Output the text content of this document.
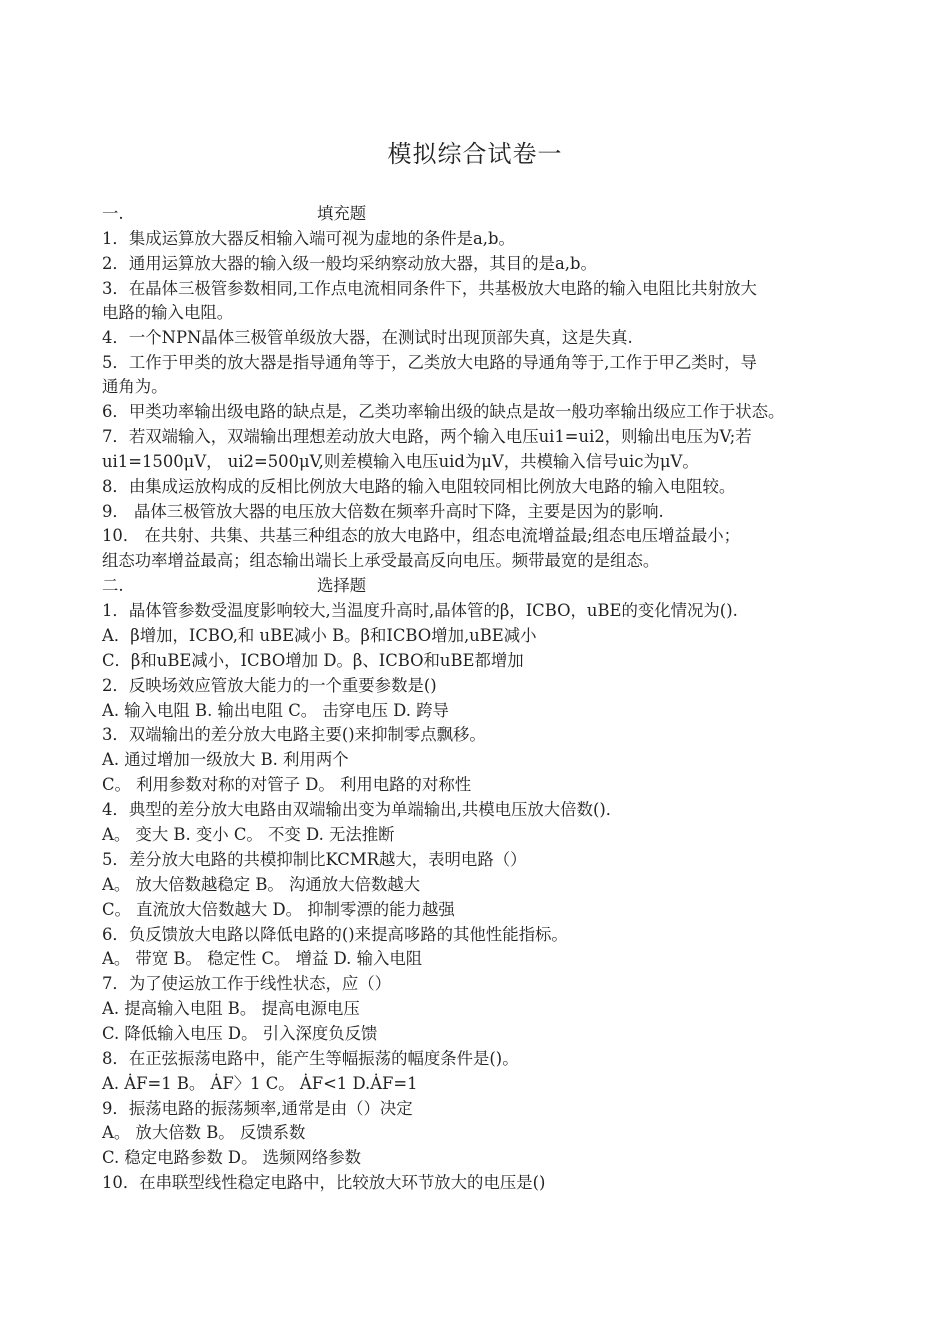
模拟综合试卷一
一.	填充题
1．集成运算放大器反相输入端可视为虚地的条件是a,b。
2．通用运算放大器的输入级一般均采纳察动放大器，其目的是a,b。
3．在晶体三极管参数相同,工作点电流相同条件下，共基极放大电路的输入电阻比共射放大
电路的输入电阻。
4．一个NPN晶体三极管单级放大器，在测试时出现顶部失真，这是失真.
5．工作于甲类的放大器是指导通角等于，乙类放大电路的导通角等于,工作于甲乙类时，导
通角为。
6．甲类功率输出级电路的缺点是，乙类功率输出级的缺点是故一般功率输出级应工作于状态。
7．若双端输入，双端输出理想差动放大电路，两个输入电压ui1=ui2，则输出电压为V;若
ui1=1500μV， ui2=500μV,则差模输入电压uid为μV，共模输入信号uic为μV。
8．由集成运放构成的反相比例放大电路的输入电阻较同相比例放大电路的输入电阻较。
9． 晶体三极管放大器的电压放大倍数在频率升高时下降，主要是因为的影响.
10． 在共射、共集、共基三种组态的放大电路中，组态电流增益最;组态电压增益最小；
组态功率增益最高；组态输出端长上承受最高反向电压。频带最宽的是组态。
二.	选择题
1．晶体管参数受温度影响较大,当温度升高时,晶体管的β，ICBO，uBE的变化情况为().
A．β增加，ICBO,和 uBE减小 B。β和ICBO增加,uBE减小
C．β和uBE减小，ICBO增加 D。β、ICBO和uBE都增加
2．反映场效应管放大能力的一个重要参数是()
A. 输入电阻 B. 输出电阻 C。 击穿电压 D. 跨导
3．双端输出的差分放大电路主要()来抑制零点飘移。
A. 通过增加一级放大 B. 利用两个
C。 利用参数对称的对管子 D。 利用电路的对称性
4．典型的差分放大电路由双端输出变为单端输出,共模电压放大倍数()．
A。 变大 B. 变小 C。 不变 D. 无法推断
5．差分放大电路的共模抑制比KCMR越大，表明电路（）
A。 放大倍数越稳定 B。 沟通放大倍数越大
C。 直流放大倍数越大 D。 抑制零漂的能力越强
6．负反馈放大电路以降低电路的()来提高哆路的其他性能指标。
A。 带宽 B。 稳定性 C。 增益 D. 输入电阻
7．为了使运放工作于线性状态，应（）
A. 提高输入电阻 B。 提高电源电压
C. 降低输入电压 D。 引入深度负反馈
8．在正弦振荡电路中，能产生等幅振荡的幅度条件是()。
A. ȦF=1 B。 ȦF〉1 C。 ȦF<1 D.ȦF=1
9．振荡电路的振荡频率,通常是由（）决定
A。 放大倍数 B。 反馈系数
C. 稳定电路参数 D。 选频网络参数
10．在串联型线性稳定电路中，比较放大环节放大的电压是()
